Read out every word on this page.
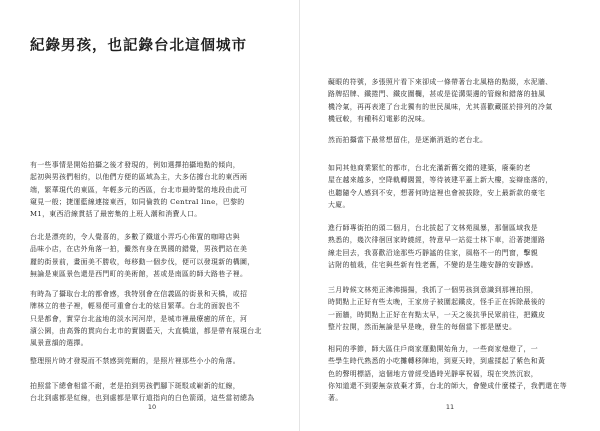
紀錄男孩，也記錄台北這個城市
有一些事情是開始拍攝之後才發現的，例如選擇拍攝地點的傾向，
起初與男孩們相約，以他們方便的區域為主，大多估據台北的東西兩
端，繁華現代的東區，年輕多元的西區，台北市最時髦的地段由此可
窺見一般；捷運藍線連接東西，如同倫敦的 Central line，巴黎的
M1，東西沿線貫括了最密集的上班人潮和消費人口。
台北是漂亮的，令人覺喜的，多數了鐵道小弄巧心佈置的咖啡店與
品味小店，在店外角落一拍，儼然有身在異國的錯覺，男孩們站在美
麗的街景前，畫面美不勝收，每移動一個步伐，便可以發現新的構圖，
無論是東區景色還是西門町的美術館，甚或是南區的師大路巷子裡。
有時為了攝取台北的都會感，我特別會在信義區的街景和天橋，或招
牌林立的巷子裡，輕易便可重會台北的炫目繁華。台北的面貌也不
只是都會，實穿台北盆地的淡水河河岸，是城市裡最療癒的所在，河
濱公園，由高聳的貫向台北市的實闊藍天，大直橋道，都是帶有展現台北
風景意韻的選擇。
整理照片時才發現而不禁感到莞爾的，是照片裡那些小小的角落。
拍照當下總會相當不耐，老是拍到男孩們腳下斑駁或嶄新的紅線，
台北到處都是紅線，也到處都是單行道指向的白色箭頭，這些當初總為
10
礙眼的符號，多張照片看下來卻成一條帶著台北風格的點綴，水泥牆、
路牌招牌、鐵捲門、鐵皮圍欄，甚或是從溝渠邊的管線和錯落的抽風
機冷氣，再再表達了台北獨有的世民風味，尤其喜歡藏匿於排列的冷氣
機冠較，有種科幻電影的況味。
然而拍攝當下最常想留住，是逐漸消逝的老台北。
如同其他商業繁忙的都市，台北充滿新舊交錯的建築，廢棄的老
屋在越來越多，空降軌轉闊置，等待被建平蓋上新大樓，妄辯座落的，
也聽隨令人感到不安，想著何時這裡也會被拔除，安上最新款的豪宅
大廈。
進行師專街拍的頭二個月，台北拔起了文林苑風暴，那個區域我是
熟悉的，幾次徘徊回家時繞經，特意早一站從士林下車，沿著捷運路
線走回去，我喜歡沿途那些巧靜謐的住家，風格不一的門窗，擊親
沾附的植栽，住宅與些新有性老舊，不變的是生趣安靜的安靜感。
三月時候文林苑正沸沸揚揚，我抓了一個男孩到意識到那裡拍照，
時間點上正好有些太晚，王家房子被圍起鐵皮，怪手正在拆除最後的
一面牆，時間點上正好在有點太早，一天之後抗爭民眾前往，把鐵皮
整片拉開，然而無論是早是晚，發生的每個當下都是歷史。
相同的季節，師大區住戶商家運動開始角力，一些商家熄燈了，一
些學生時代熟悉的小吃攤轉移陣地，到夏天時，到處揉起了紫色和黃
色的聲明標語，這個地方曾經受過時光靜寧祝福，現在突然沉寂，
你知道還不到要無奈放棄才算，台北的師大，會變成什麼樣子，我們還在等
著。
11
